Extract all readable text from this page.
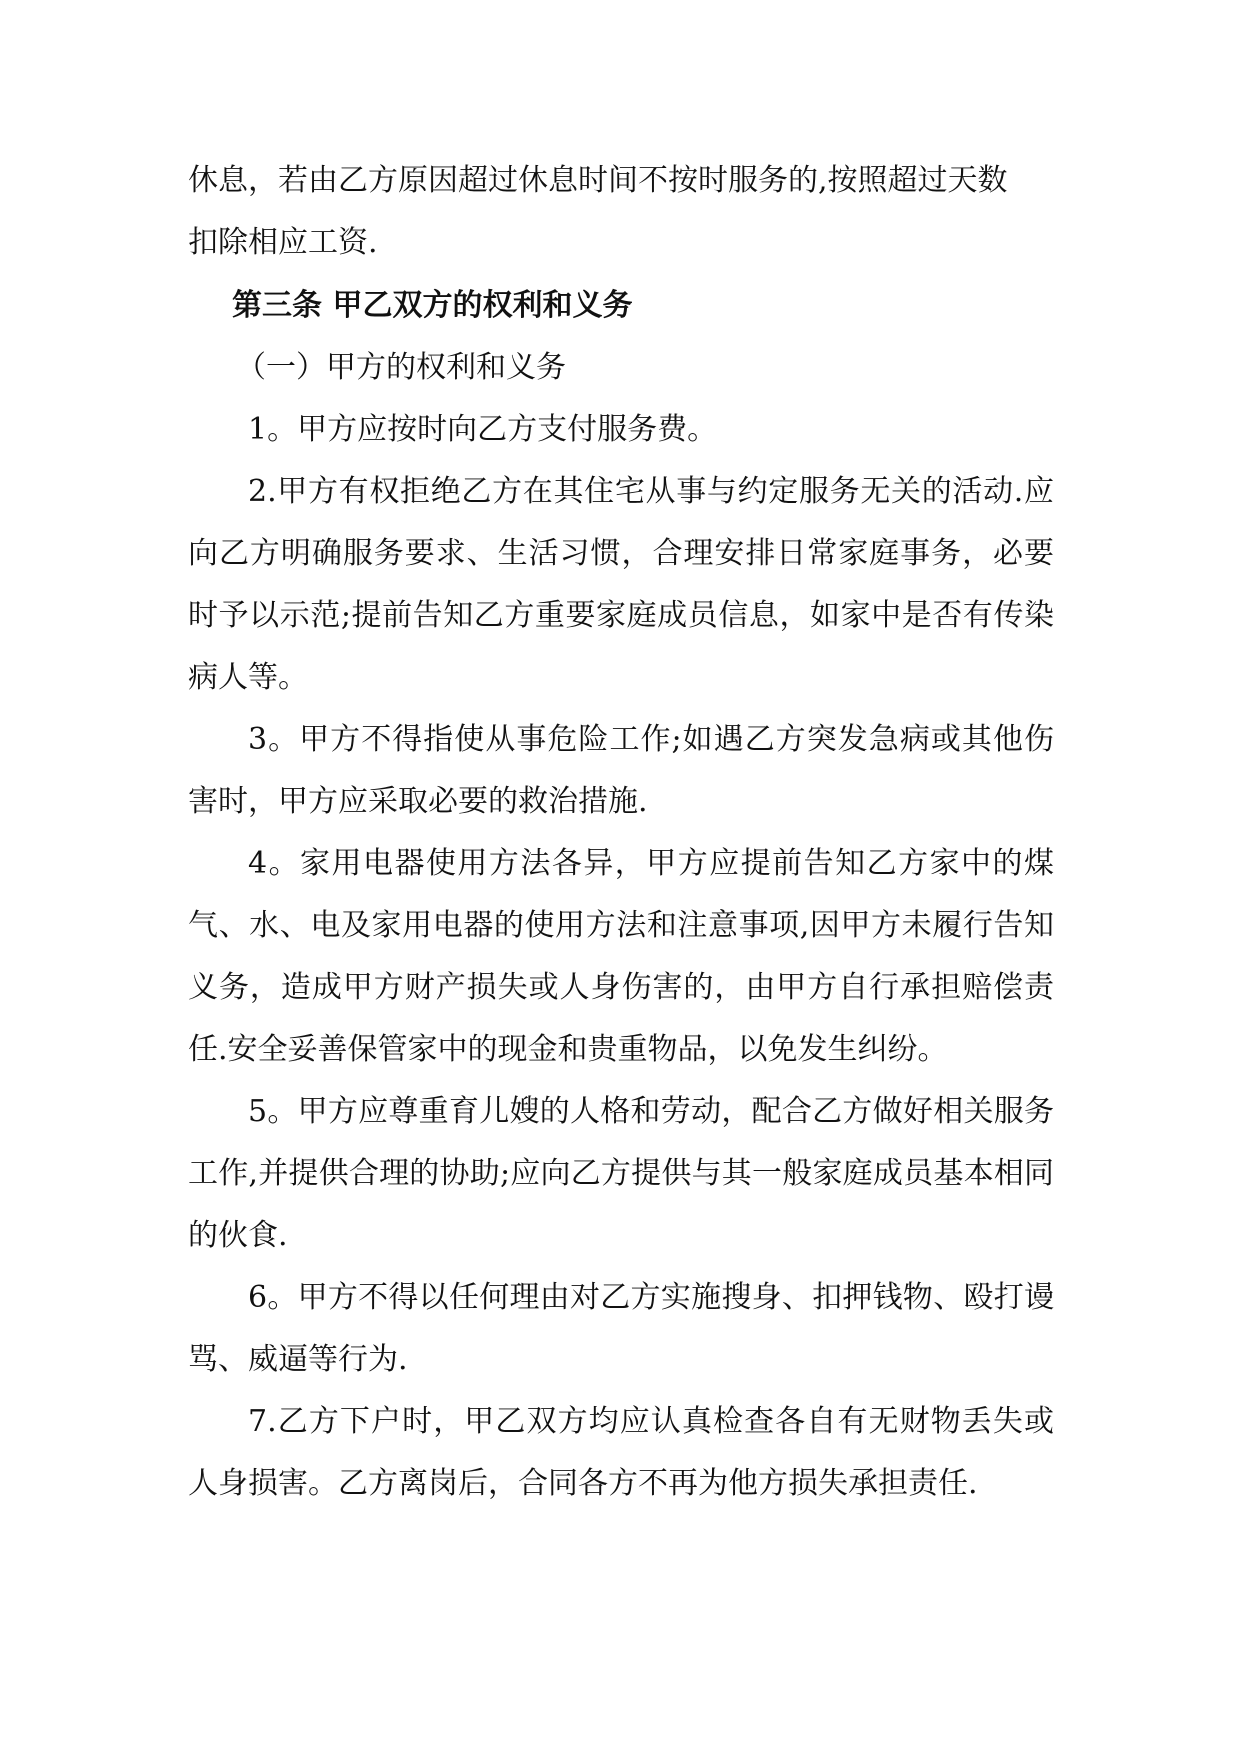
休息，若由乙方原因超过休息时间不按时服务的,按照超过天数
扣除相应工资.
第三条 甲乙双方的权利和义务
（一）甲方的权利和义务
1。甲方应按时向乙方支付服务费。
2.甲方有权拒绝乙方在其住宅从事与约定服务无关的活动.应向乙方明确服务要求、生活习惯，合理安排日常家庭事务，必要时予以示范;提前告知乙方重要家庭成员信息，如家中是否有传染病人等。
3。甲方不得指使从事危险工作;如遇乙方突发急病或其他伤害时，甲方应采取必要的救治措施.
4。家用电器使用方法各异，甲方应提前告知乙方家中的煤气、水、电及家用电器的使用方法和注意事项,因甲方未履行告知义务，造成甲方财产损失或人身伤害的，由甲方自行承担赔偿责任.安全妥善保管家中的现金和贵重物品，以免发生纠纷。
5。甲方应尊重育儿嫂的人格和劳动，配合乙方做好相关服务工作,并提供合理的协助;应向乙方提供与其一般家庭成员基本相同的伙食.
6。甲方不得以任何理由对乙方实施搜身、扣押钱物、殴打谩骂、威逼等行为.
7.乙方下户时，甲乙双方均应认真检查各自有无财物丢失或人身损害。乙方离岗后，合同各方不再为他方损失承担责任.
